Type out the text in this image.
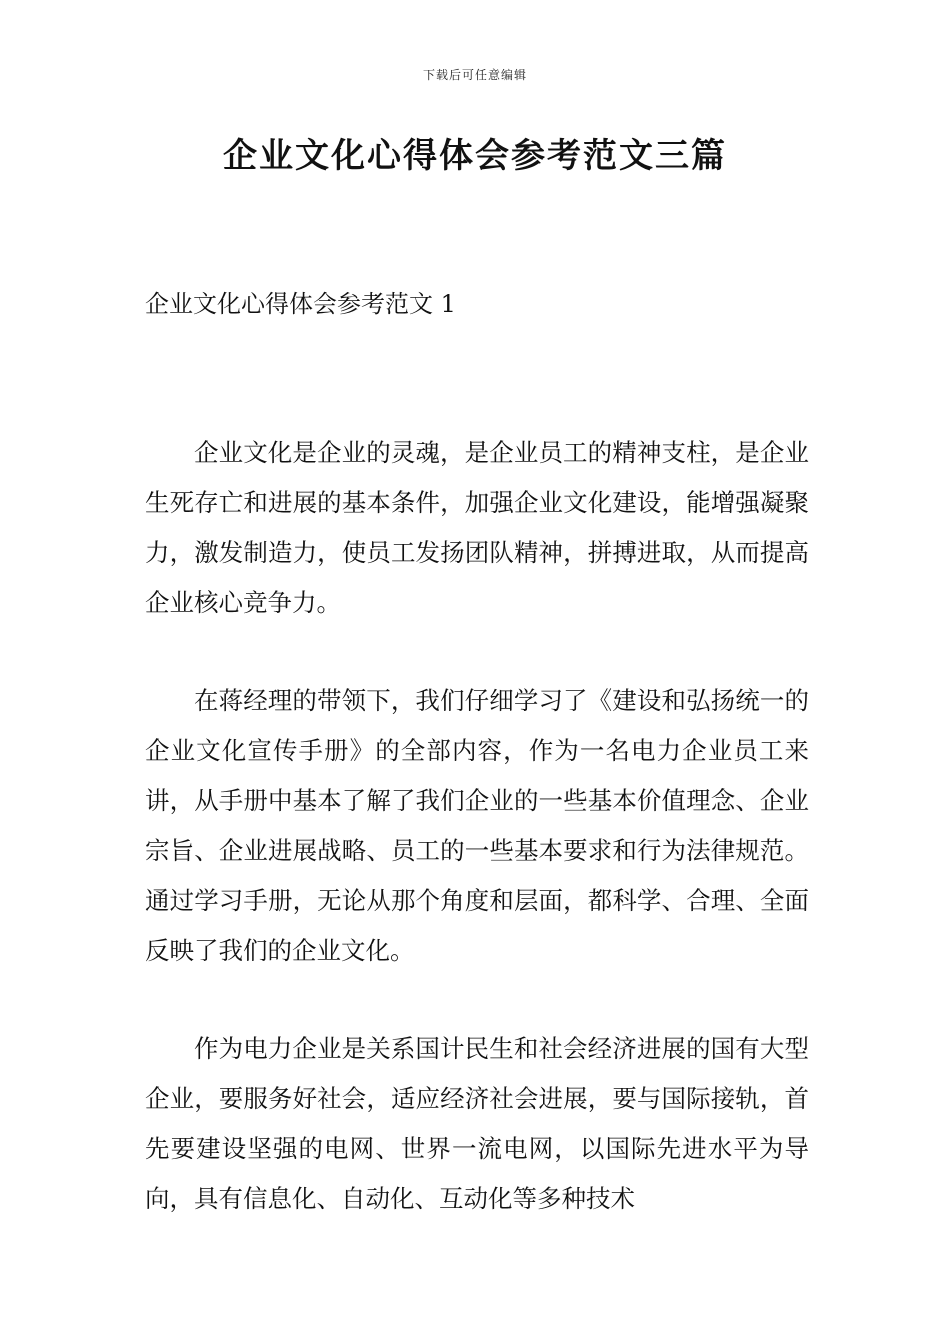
下载后可任意编辑
企业文化心得体会参考范文三篇
企业文化心得体会参考范文 1

企业文化是企业的灵魂，是企业员工的精神支柱，是企业生死存亡和进展的基本条件，加强企业文化建设，能增强凝聚力，激发制造力，使员工发扬团队精神，拼搏进取，从而提高企业核心竞争力。

在蒋经理的带领下，我们仔细学习了《建设和弘扬统一的企业文化宣传手册》的全部内容，作为一名电力企业员工来讲，从手册中基本了解了我们企业的一些基本价值理念、企业宗旨、企业进展战略、员工的一些基本要求和行为法律规范。通过学习手册，无论从那个角度和层面，都科学、合理、全面反映了我们的企业文化。

作为电力企业是关系国计民生和社会经济进展的国有大型企业，要服务好社会，适应经济社会进展，要与国际接轨，首先要建设坚强的电网、世界一流电网，以国际先进水平为导向，具有信息化、自动化、互动化等多种技术
